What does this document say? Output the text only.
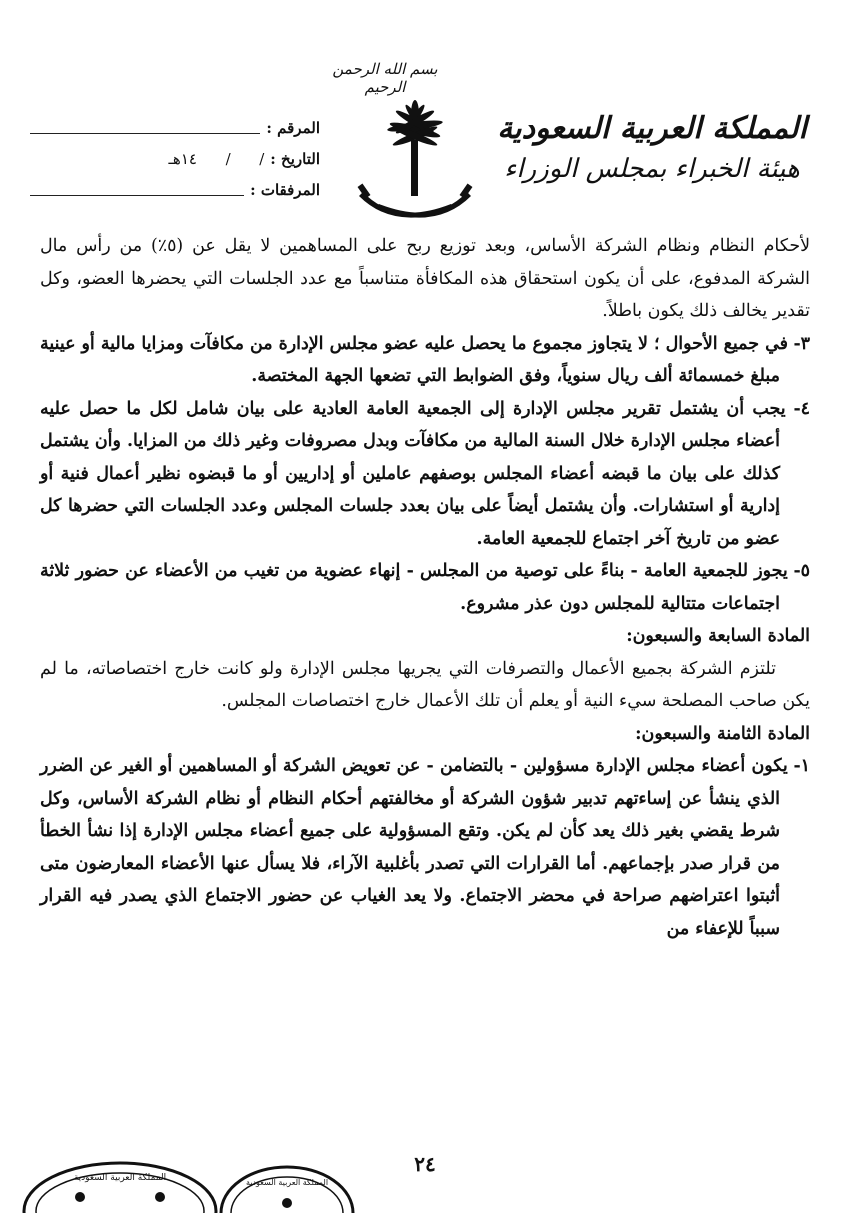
بسم الله الرحمن الرحيم
المملكة العربية السعودية
هيئة الخبراء بمجلس الوزراء
المرقم :
التاريخ :
/      /      ١٤هـ
المرفقات :

لأحكام النظام ونظام الشركة الأساس، وبعد توزيع ربح على المساهمين لا يقل عن (٥٪) من رأس مال الشركة المدفوع، على أن يكون استحقاق هذه المكافأة متناسباً مع عدد الجلسات التي يحضرها العضو، وكل تقدير يخالف ذلك يكون باطلاً.

٣- في جميع الأحوال ؛ لا يتجاوز مجموع ما يحصل عليه عضو مجلس الإدارة من مكافآت ومزايا مالية أو عينية مبلغ خمسمائة ألف ريال سنوياً، وفق الضوابط التي تضعها الجهة المختصة.

٤- يجب أن يشتمل تقرير مجلس الإدارة إلى الجمعية العامة العادية على بيان شامل لكل ما حصل عليه أعضاء مجلس الإدارة خلال السنة المالية من مكافآت وبدل مصروفات وغير ذلك من المزايا. وأن يشتمل كذلك على بيان ما قبضه أعضاء المجلس بوصفهم عاملين أو إداريين أو ما قبضوه نظير أعمال فنية أو إدارية أو استشارات. وأن يشتمل أيضاً على بيان بعدد جلسات المجلس وعدد الجلسات التي حضرها كل عضو من تاريخ آخر اجتماع للجمعية العامة.

٥- يجوز للجمعية العامة - بناءً على توصية من المجلس - إنهاء عضوية من تغيب من الأعضاء عن حضور ثلاثة اجتماعات متتالية للمجلس دون عذر مشروع.

المادة السابعة والسبعون:

تلتزم الشركة بجميع الأعمال والتصرفات التي يجريها مجلس الإدارة ولو كانت خارج اختصاصاته، ما لم يكن صاحب المصلحة سيء النية أو يعلم أن تلك الأعمال خارج اختصاصات المجلس.

المادة الثامنة والسبعون:

١- يكون أعضاء مجلس الإدارة مسؤولين - بالتضامن - عن تعويض الشركة أو المساهمين أو الغير عن الضرر الذي ينشأ عن إساءتهم تدبير شؤون الشركة أو مخالفتهم أحكام النظام أو نظام الشركة الأساس، وكل شرط يقضي بغير ذلك يعد كأن لم يكن. وتقع المسؤولية على جميع أعضاء مجلس الإدارة إذا نشأ الخطأ من قرار صدر بإجماعهم. أما القرارات التي تصدر بأغلبية الآراء، فلا يسأل عنها الأعضاء المعارضون متى أثبتوا اعتراضهم صراحة في محضر الاجتماع. ولا يعد الغياب عن حضور الاجتماع الذي يصدر فيه القرار سبباً للإعفاء من

٢٤
المملكة العربية السعودية	المملكة العربية السعودية
